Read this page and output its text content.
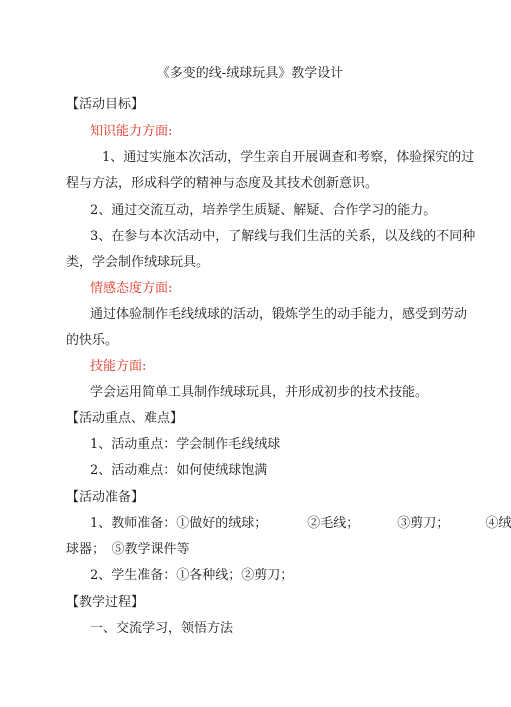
《多变的线-绒球玩具》教学设计
【活动目标】
知识能力方面:
1、通过实施本次活动，学生亲自开展调查和考察，体验探究的过
程与方法，形成科学的精神与态度及其技术创新意识。
2、通过交流互动，培养学生质疑、解疑、合作学习的能力。
3、在参与本次活动中，了解线与我们生活的关系，以及线的不同种
类，学会制作绒球玩具。
情感态度方面:
通过体验制作毛线绒球的活动，锻炼学生的动手能力，感受到劳动
的快乐。
技能方面:
学会运用简单工具制作绒球玩具，并形成初步的技术技能。
【活动重点、难点】
1、活动重点：学会制作毛线绒球
2、活动难点：如何使绒球饱满
【活动准备】
1、教师准备：①做好的绒球；	②毛线；	③剪刀；	④绒
球器；　⑤教学课件等
2、学生准备：①各种线；②剪刀；
【教学过程】
一、交流学习，领悟方法
